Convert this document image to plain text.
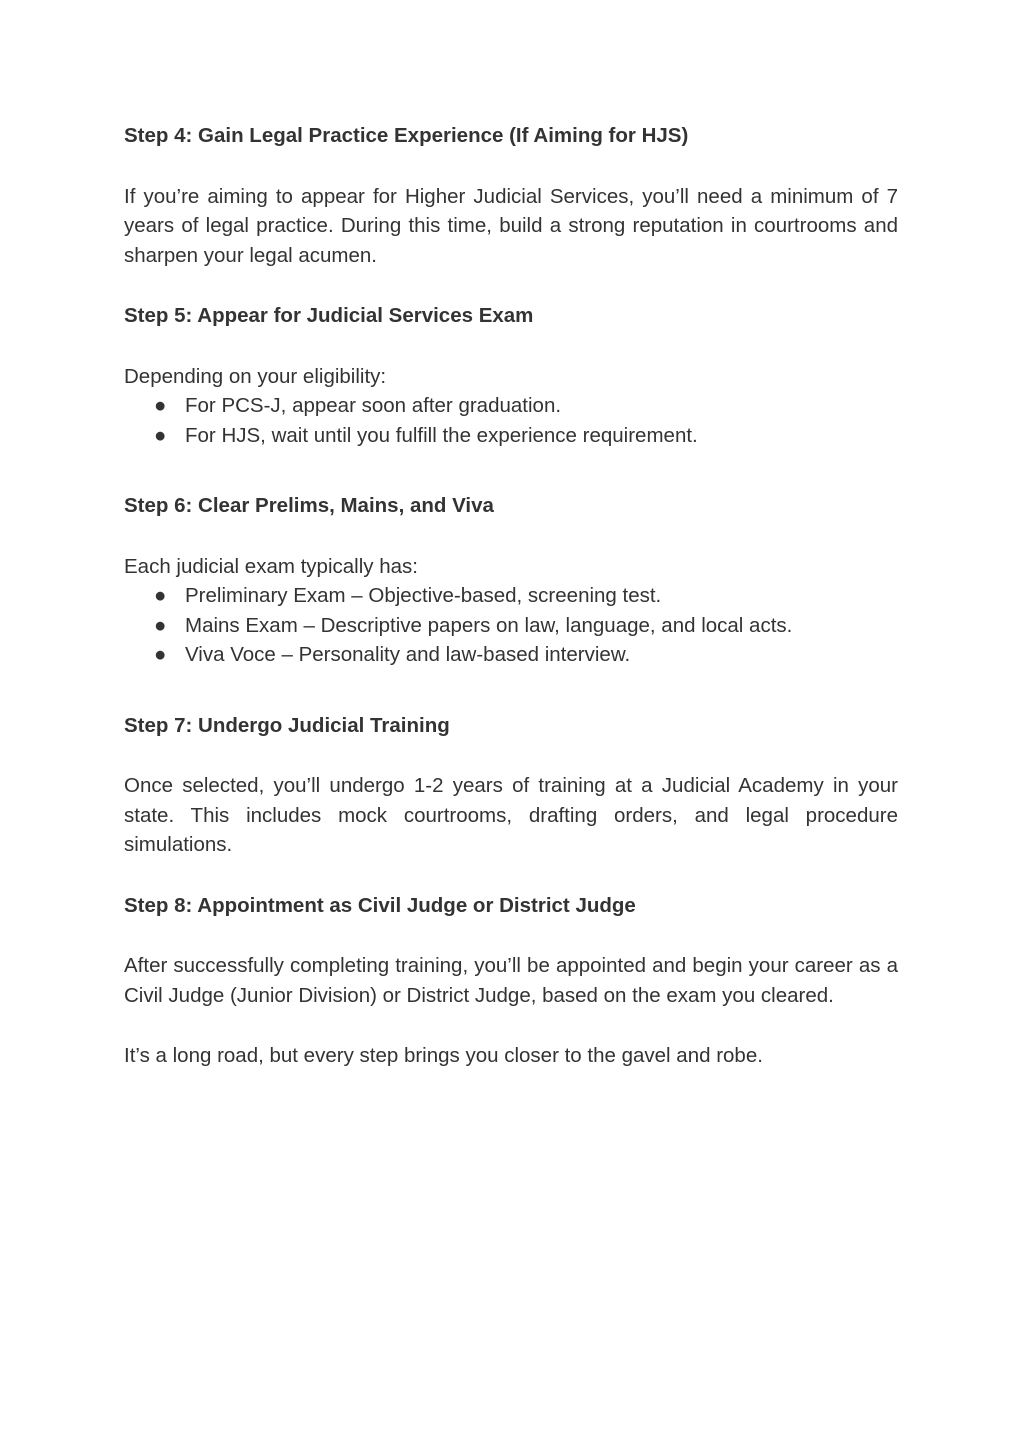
Step 4: Gain Legal Practice Experience (If Aiming for HJS)

If you’re aiming to appear for Higher Judicial Services, you’ll need a minimum of 7 years of legal practice. During this time, build a strong reputation in courtrooms and sharpen your legal acumen.

Step 5: Appear for Judicial Services Exam

Depending on your eligibility:

● For PCS-J, appear soon after graduation.
● For HJS, wait until you fulfill the experience requirement.

Step 6: Clear Prelims, Mains, and Viva

Each judicial exam typically has:

● Preliminary Exam – Objective-based, screening test.
● Mains Exam – Descriptive papers on law, language, and local acts.
● Viva Voce – Personality and law-based interview.

Step 7: Undergo Judicial Training

Once selected, you’ll undergo 1-2 years of training at a Judicial Academy in your state. This includes mock courtrooms, drafting orders, and legal procedure simulations.

Step 8: Appointment as Civil Judge or District Judge

After successfully completing training, you’ll be appointed and begin your career as a Civil Judge (Junior Division) or District Judge, based on the exam you cleared.

It’s a long road, but every step brings you closer to the gavel and robe.
